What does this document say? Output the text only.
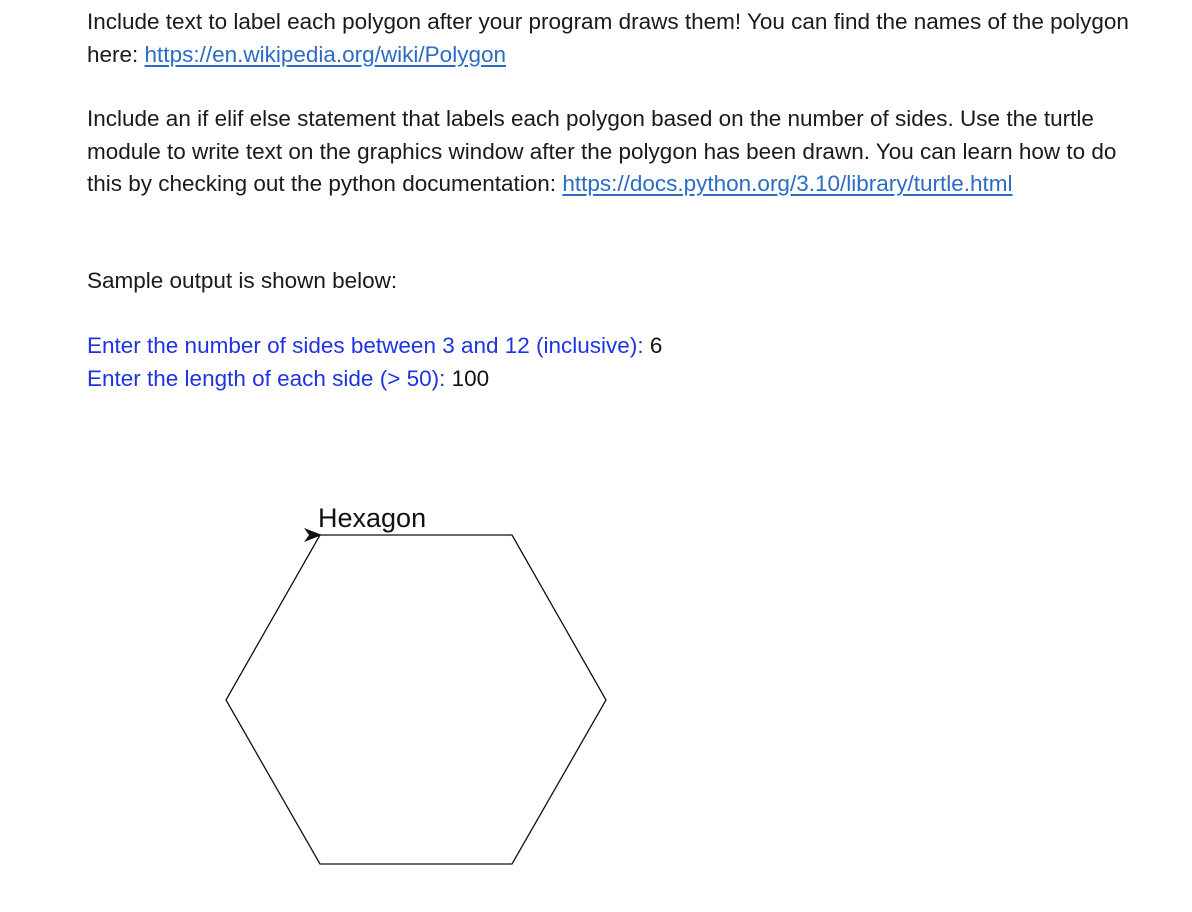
Include text to label each polygon after your program draws them! You can find the names of the polygon here: https://en.wikipedia.org/wiki/Polygon

Include an if elif else statement that labels each polygon based on the number of sides. Use the turtle module to write text on the graphics window after the polygon has been drawn. You can learn how to do this by checking out the python documentation: https://docs.python.org/3.10/library/turtle.html

Sample output is shown below:

Enter the number of sides between 3 and 12 (inclusive): 6
Enter the length of each side (> 50): 100
Hexagon
